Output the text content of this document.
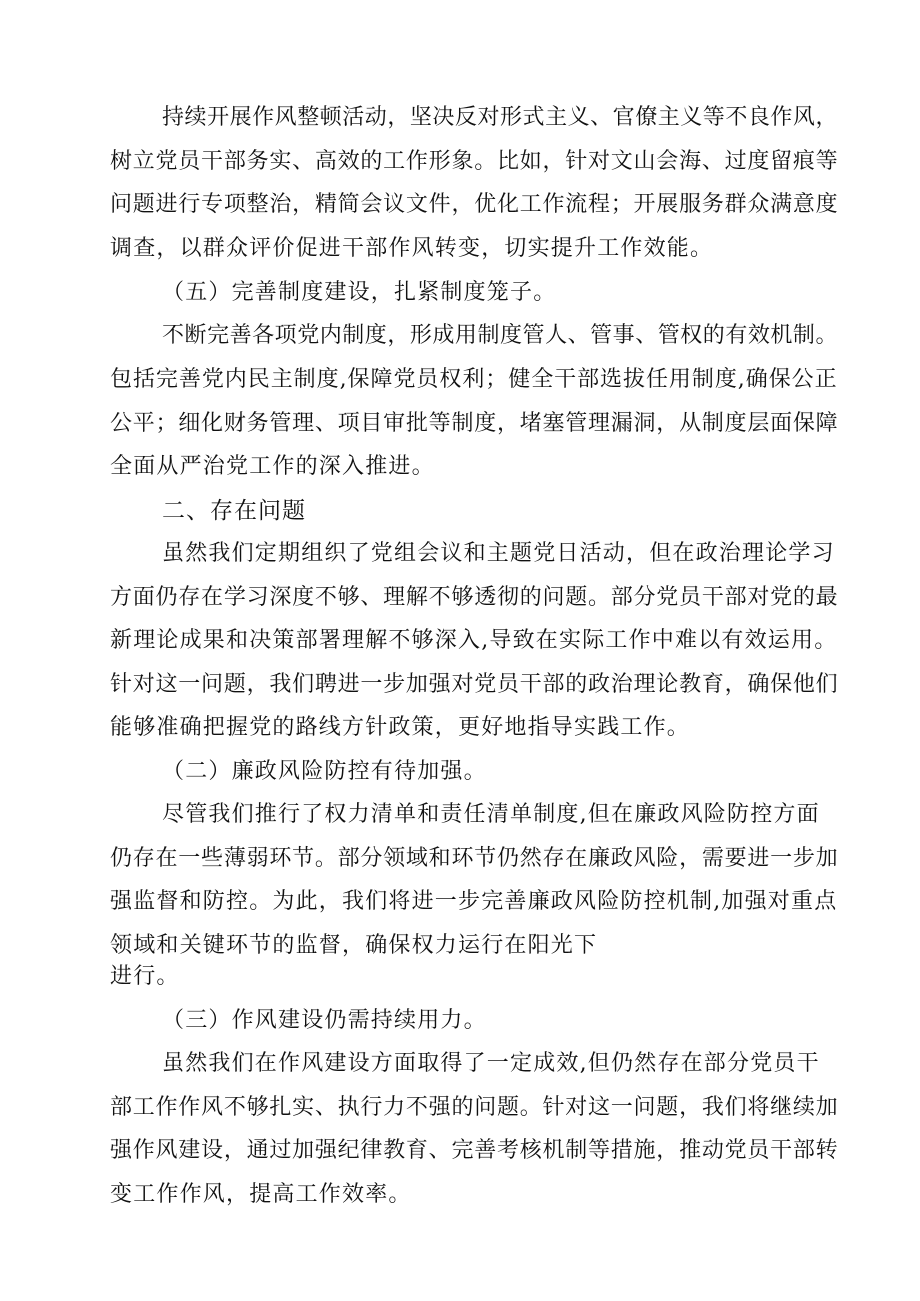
持续开展作风整顿活动，坚决反对形式主义、官僚主义等不良作风，
树立党员干部务实、高效的工作形象。比如，针对文山会海、过度留痕等
问题进行专项整治，精简会议文件，优化工作流程；开展服务群众满意度
调查，以群众评价促进干部作风转变，切实提升工作效能。
（五）完善制度建设，扎紧制度笼子。
不断完善各项党内制度，形成用制度管人、管事、管权的有效机制。
包括完善党内民主制度,保障党员权利；健全干部选拔任用制度,确保公正
公平；细化财务管理、项目审批等制度，堵塞管理漏洞，从制度层面保障
全面从严治党工作的深入推进。
二、存在问题
虽然我们定期组织了党组会议和主题党日活动，但在政治理论学习
方面仍存在学习深度不够、理解不够透彻的问题。部分党员干部对党的最
新理论成果和决策部署理解不够深入,导致在实际工作中难以有效运用。
针对这一问题，我们聘进一步加强对党员干部的政治理论教育，确保他们
能够准确把握党的路线方针政策，更好地指导实践工作。
（二）廉政风险防控有待加强。
尽管我们推行了权力清单和责任清单制度,但在廉政风险防控方面
仍存在一些薄弱环节。部分领域和环节仍然存在廉政风险，需要进一步加
强监督和防控。为此，我们将进一步完善廉政风险防控机制,加强对重点
领域和关键环节的监督，确保权力运行在阳光下
进行。
（三）作风建设仍需持续用力。
虽然我们在作风建设方面取得了一定成效,但仍然存在部分党员干
部工作作风不够扎实、执行力不强的问题。针对这一问题，我们将继续加
强作风建设，通过加强纪律教育、完善考核机制等措施，推动党员干部转
变工作作风，提高工作效率。
